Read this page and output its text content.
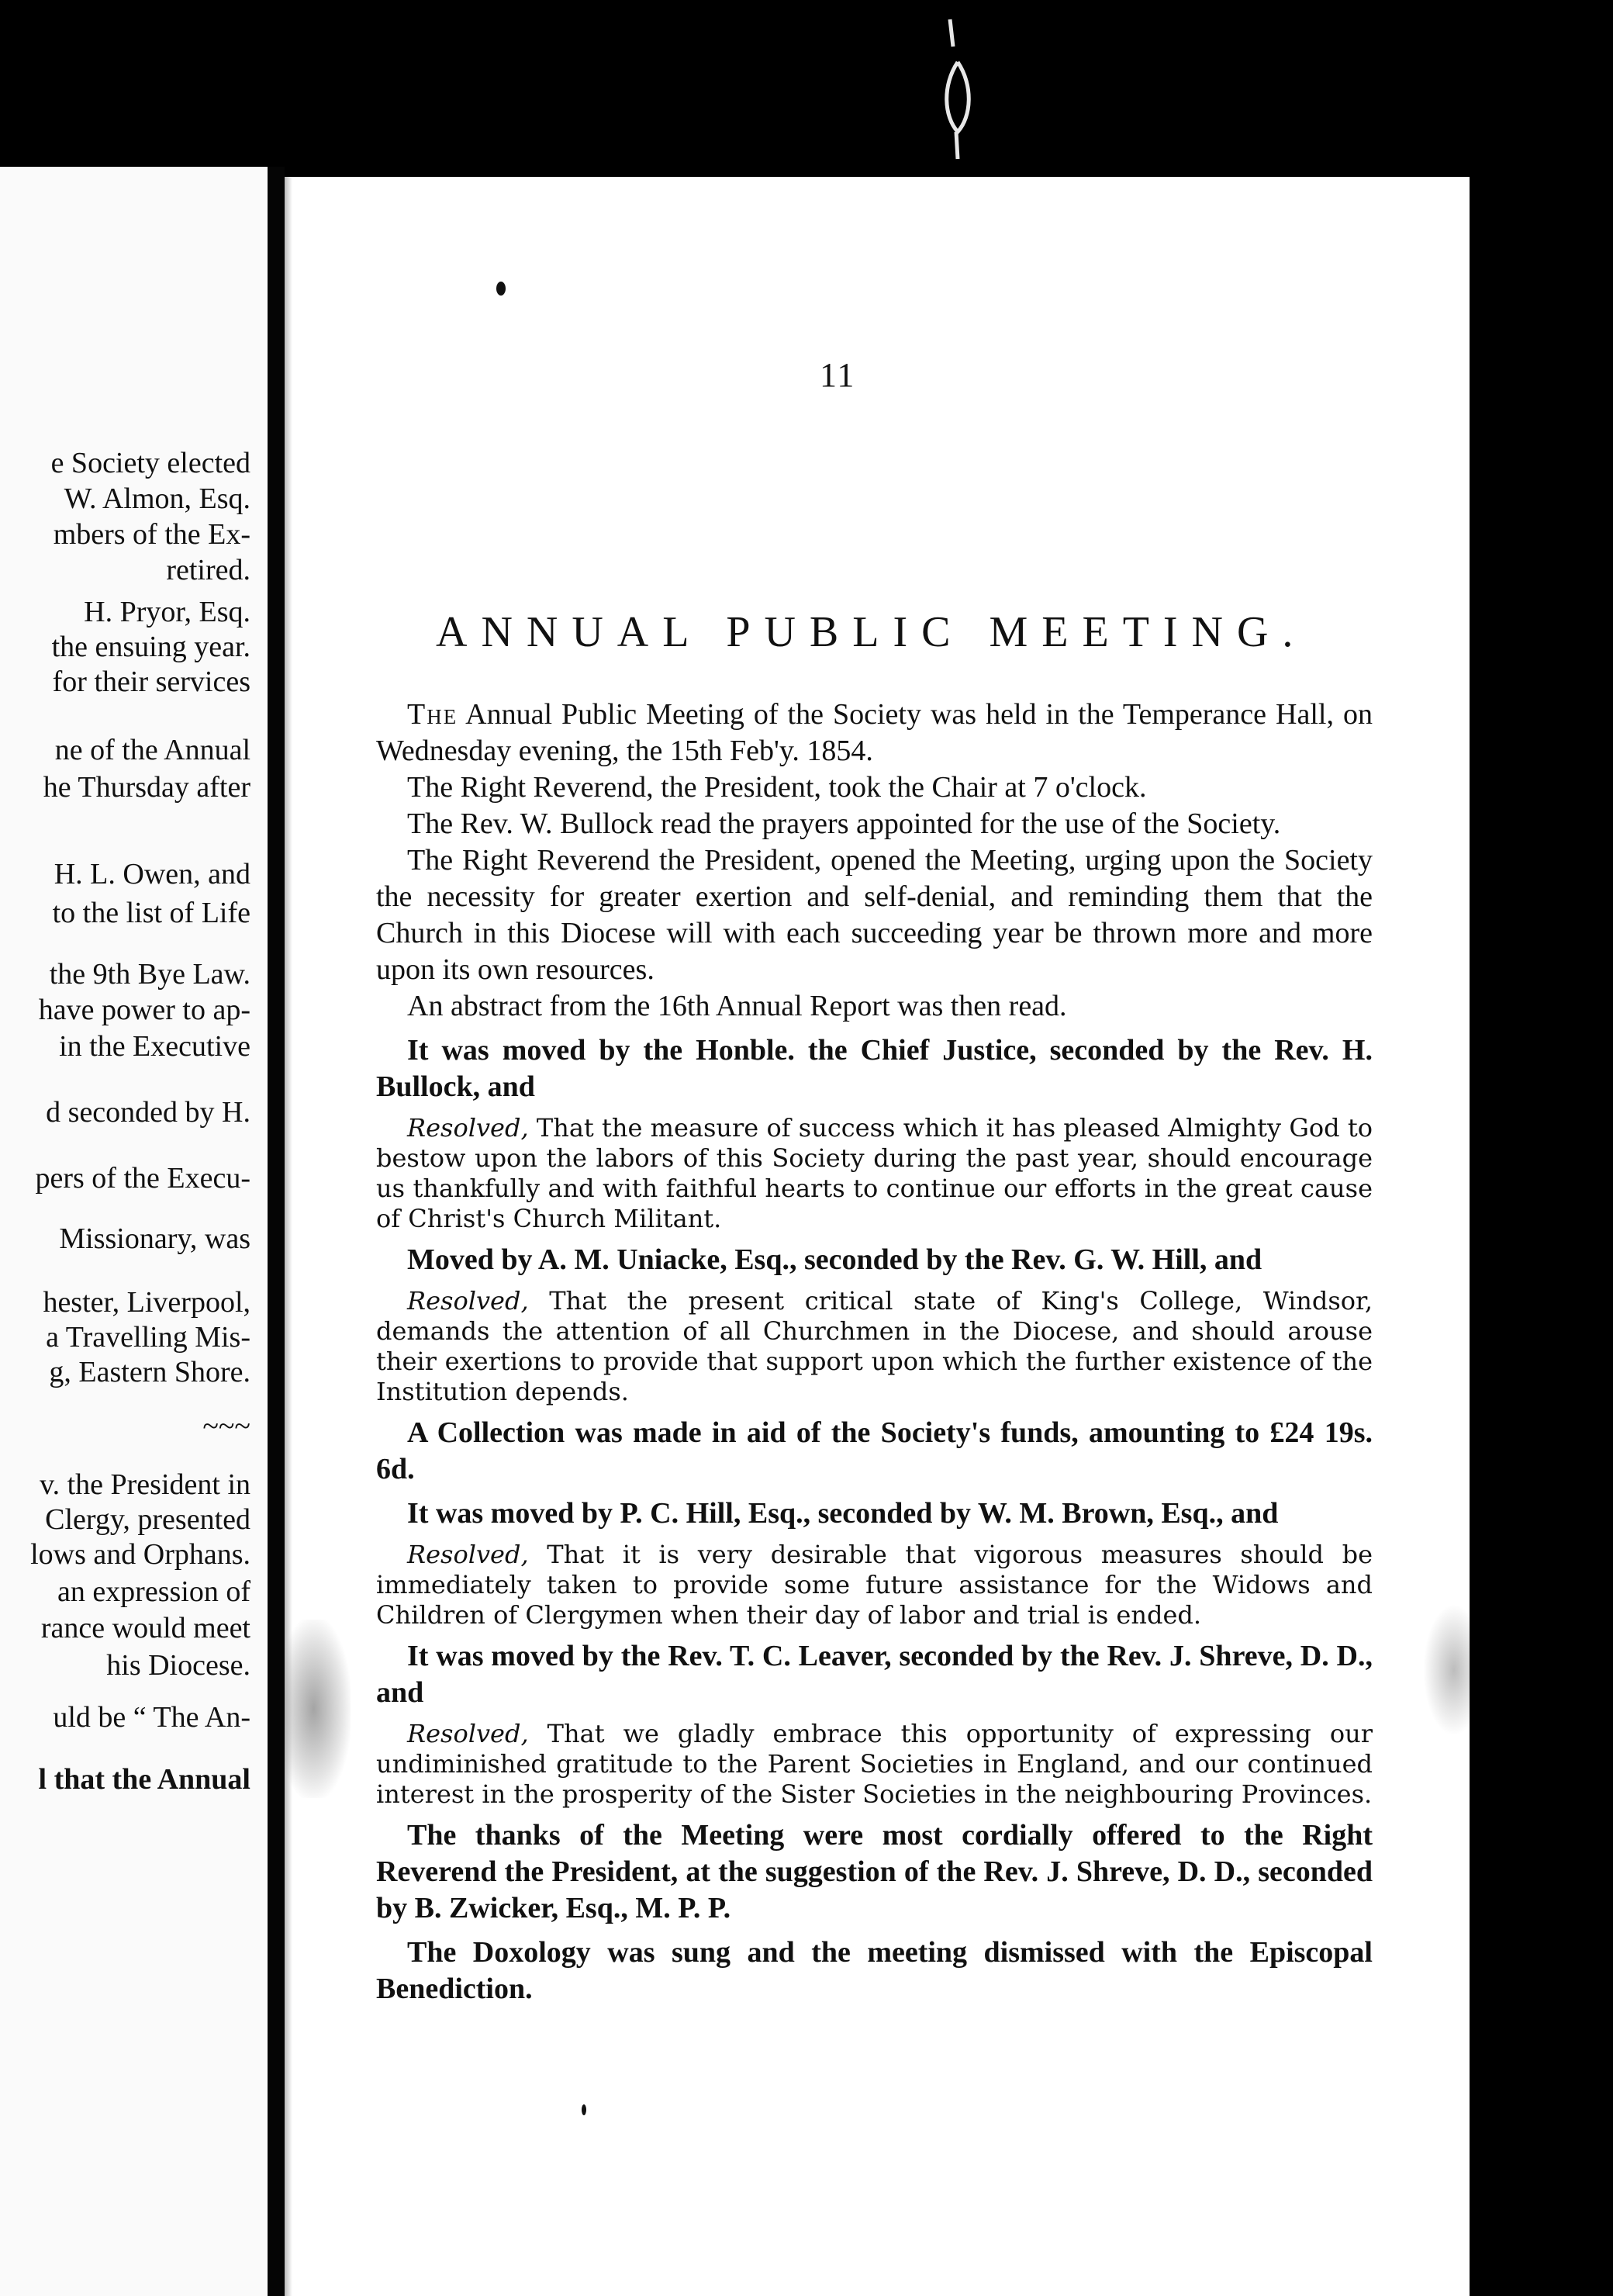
e Society elected
W. Almon, Esq.
mbers of the Ex-
retired.
H. Pryor, Esq.
the ensuing year.
for their services
ne of the Annual
he Thursday after
H. L. Owen, and
to the list of Life
the 9th Bye Law.
have power to ap-
in the Executive
d seconded by H.
pers of the Execu-
Missionary, was
hester, Liverpool,
a Travelling Mis-
g, Eastern Shore.
~~~
v. the President in
Clergy, presented
lows and Orphans.
an expression of
rance would meet
his Diocese.
uld be “ The An-
l that the Annual
11
ANNUAL PUBLIC MEETING.

The Annual Public Meeting of the Society was held in the Temperance Hall, on Wednesday evening, the 15th Feb'y. 1854.

The Right Reverend, the President, took the Chair at 7 o'clock.

The Rev. W. Bullock read the prayers appointed for the use of the Society.

The Right Reverend the President, opened the Meeting, urging upon the Society the necessity for greater exertion and self-denial, and reminding them that the Church in this Diocese will with each succeeding year be thrown more and more upon its own resources.

An abstract from the 16th Annual Report was then read.

It was moved by the Honble. the Chief Justice, seconded by the Rev. H. Bullock, and

Resolved, That the measure of success which it has pleased Almighty God to bestow upon the labors of this Society during the past year, should encourage us thankfully and with faithful hearts to continue our efforts in the great cause of Christ's Church Militant.

Moved by A. M. Uniacke, Esq., seconded by the Rev. G. W. Hill, and

Resolved, That the present critical state of King's College, Windsor, demands the attention of all Churchmen in the Diocese, and should arouse their exertions to provide that support upon which the further existence of the Institution depends.

A Collection was made in aid of the Society's funds, amounting to £24 19s. 6d.

It was moved by P. C. Hill, Esq., seconded by W. M. Brown, Esq., and

Resolved, That it is very desirable that vigorous measures should be immediately taken to provide some future assistance for the Widows and Children of Clergymen when their day of labor and trial is ended.

It was moved by the Rev. T. C. Leaver, seconded by the Rev. J. Shreve, D. D., and

Resolved, That we gladly embrace this opportunity of expressing our undiminished gratitude to the Parent Societies in England, and our continued interest in the prosperity of the Sister Societies in the neighbouring Provinces.

The thanks of the Meeting were most cordially offered to the Right Reverend the President, at the suggestion of the Rev. J. Shreve, D. D., seconded by B. Zwicker, Esq., M. P. P.

The Doxology was sung and the meeting dismissed with the Episcopal Benediction.
